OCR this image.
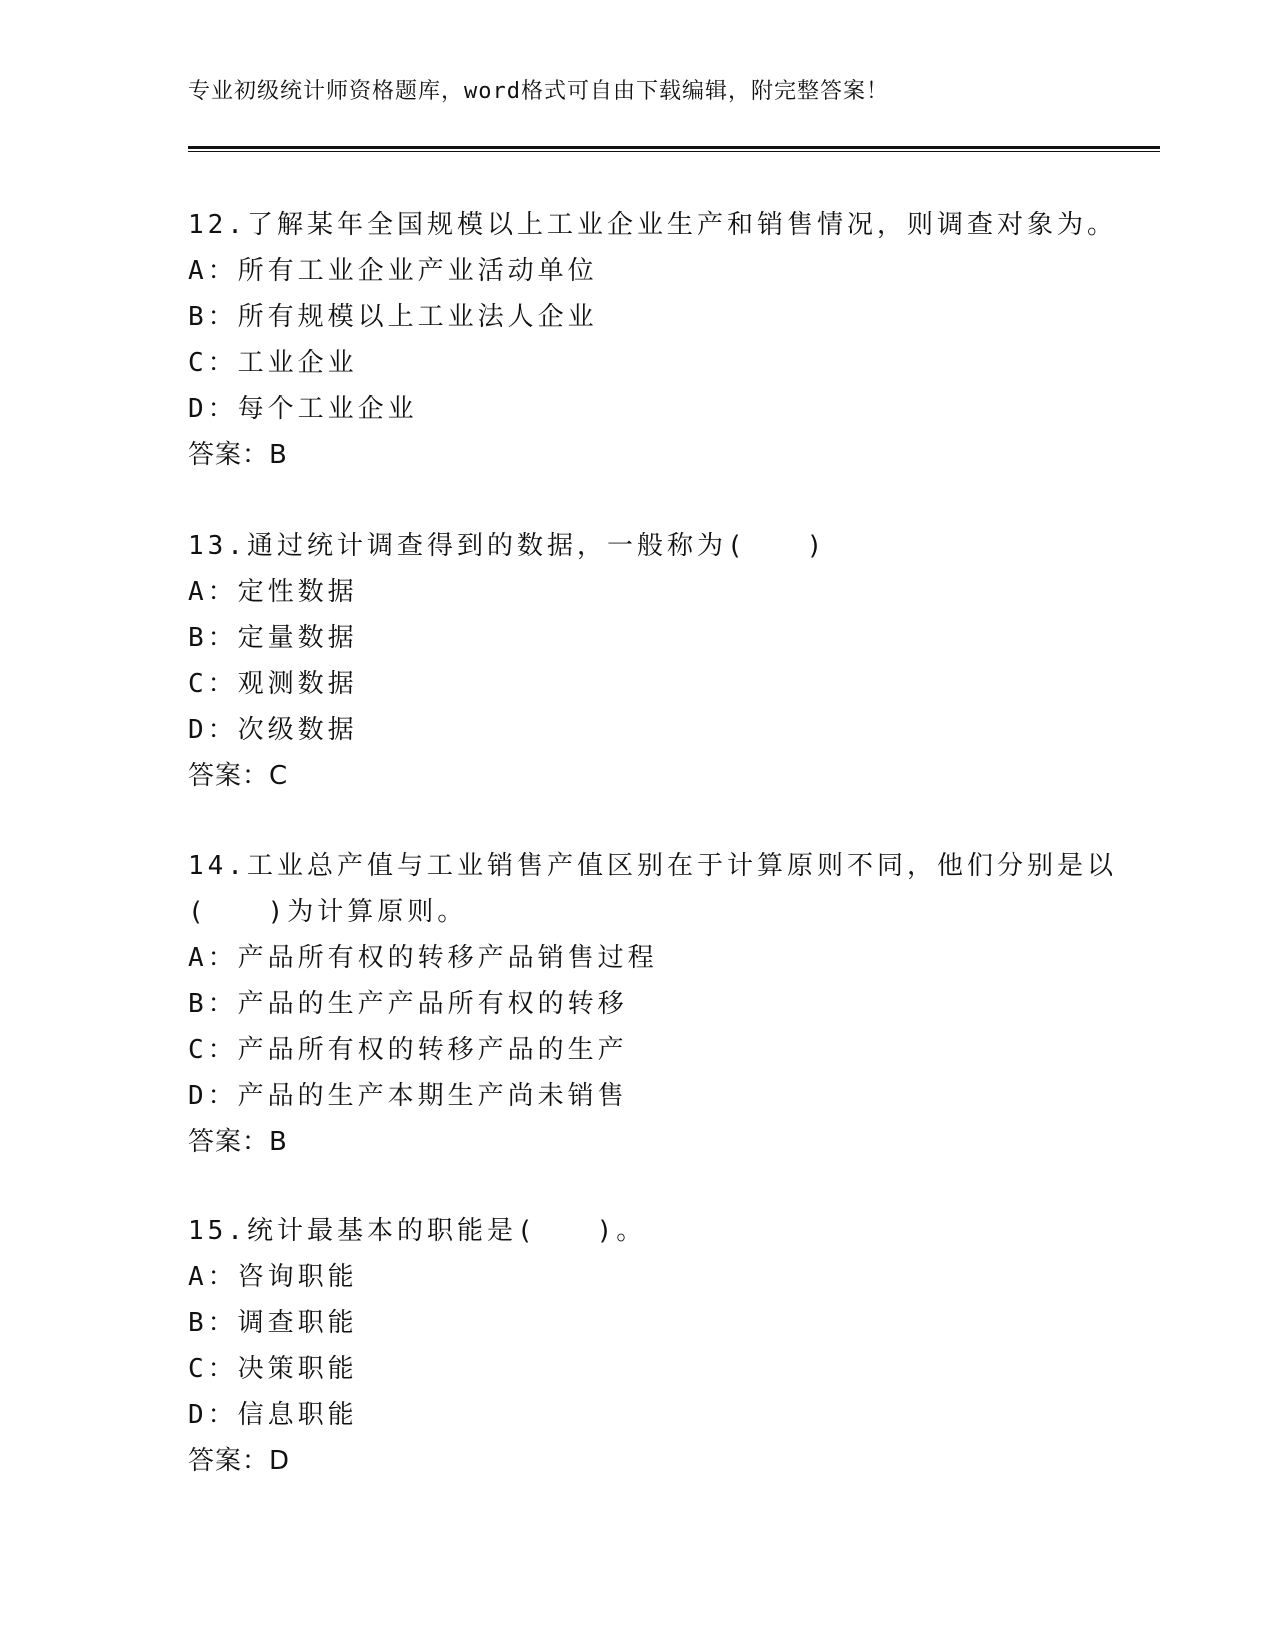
专业初级统计师资格题库，word格式可自由下载编辑，附完整答案！
12.了解某年全国规模以上工业企业生产和销售情况，则调查对象为。
A：所有工业企业产业活动单位
B：所有规模以上工业法人企业
C：工业企业
D：每个工业企业
答案：B
13.通过统计调查得到的数据，一般称为(　　)
A：定性数据
B：定量数据
C：观测数据
D：次级数据
答案：C
14.工业总产值与工业销售产值区别在于计算原则不同，他们分别是以
(　　)为计算原则。
A：产品所有权的转移产品销售过程
B：产品的生产产品所有权的转移
C：产品所有权的转移产品的生产
D：产品的生产本期生产尚未销售
答案：B
15.统计最基本的职能是(　　)。
A：咨询职能
B：调查职能
C：决策职能
D：信息职能
答案：D
